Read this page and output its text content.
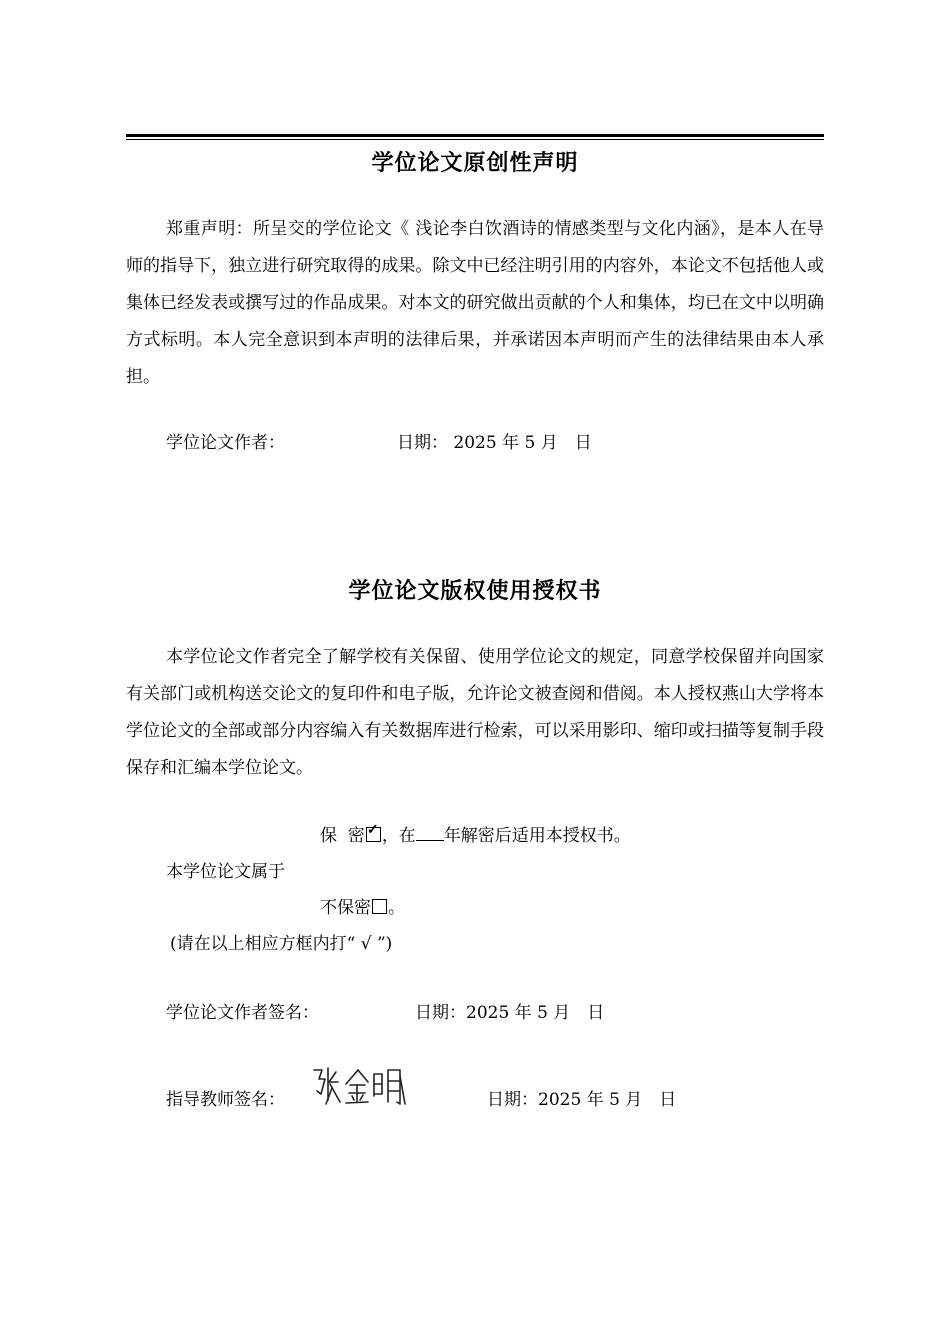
学位论文原创性声明

郑重声明：所呈交的学位论文《 浅论李白饮酒诗的情感类型与文化内涵》，是本人在导师的指导下，独立进行研究取得的成果。除文中已经注明引用的内容外，本论文不包括他人或集体已经发表或撰写过的作品成果。对本文的研究做出贡献的个人和集体，均已在文中以明确方式标明。本人完全意识到本声明的法律后果，并承诺因本声明而产生的法律结果由本人承担。

学位论文作者：	日期： 2025 年 5 月　日
学位论文版权使用授权书

本学位论文作者完全了解学校有关保留、使用学位论文的规定，同意学校保留并向国家有关部门或机构送交论文的复印件和电子版，允许论文被查阅和借阅。本人授权燕山大学将本学位论文的全部或部分内容编入有关数据库进行检索，可以采用影印、缩印或扫描等复制手段保存和汇编本学位论文。

保  密 ✓ ，在 年解密后适用本授权书。
本学位论文属于
不保密 。
(请在以上相应方框内打“ √ ”)
学位论文作者签名：	日期：2025 年 5 月　日
指导教师签名：	日期：2025 年 5 月　日
